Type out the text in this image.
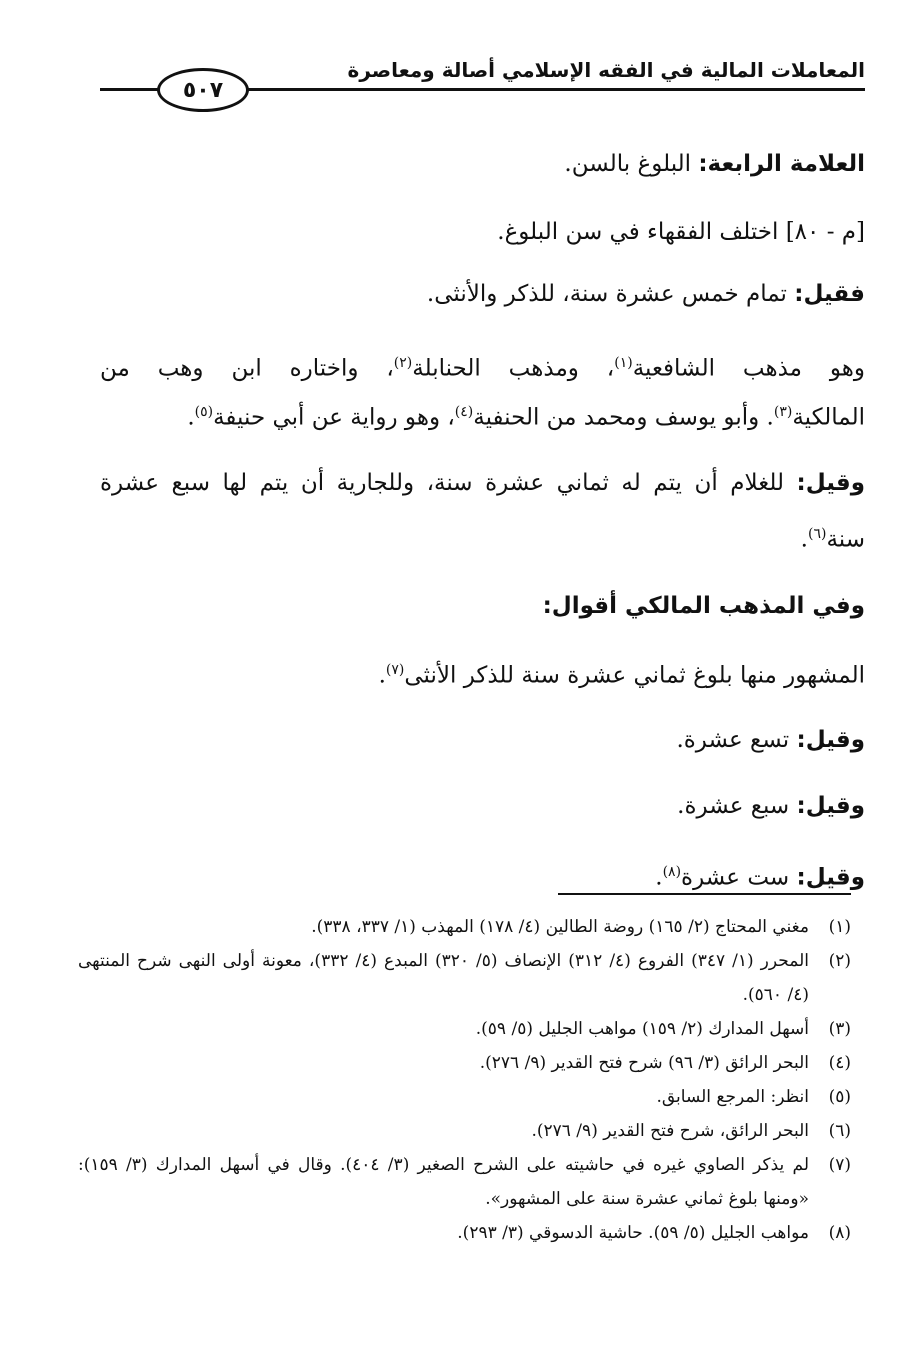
المعاملات المالية في الفقه الإسلامي أصالة ومعاصرة
٥٠٧
العلامة الرابعة: البلوغ بالسن.
[م - ٨٠] اختلف الفقهاء في سن البلوغ.
فقيل: تمام خمس عشرة سنة، للذكر والأنثى.
وهو مذهب الشافعية$^{(١)}$، ومذهب الحنابلة$^{(٢)}$، واختاره ابن وهب من
المالكية$^{(٣)}$. وأبو يوسف ومحمد من الحنفية$^{(٤)}$، وهو رواية عن أبي حنيفة$^{(٥)}$.
وقيل: للغلام أن يتم له ثماني عشرة سنة، وللجارية أن يتم لها سبع عشرة
سنة$^{(٦)}$.
وفي المذهب المالكي أقوال:
المشهور منها بلوغ ثماني عشرة سنة للذكر الأنثى$^{(٧)}$.
وقيل: تسع عشرة.
وقيل: سبع عشرة.
وقيل: ست عشرة$^{(٨)}$.
(١)
مغني المحتاج (٢/ ١٦٥) روضة الطالين (٤/ ١٧٨) المهذب (١/ ٣٣٧، ٣٣٨).
(٢)
المحرر (١/ ٣٤٧) الفروع (٤/ ٣١٢) الإنصاف (٥/ ٣٢٠) المبدع (٤/ ٣٣٢)، معونة أولى النهى شرح المنتهى (٤/ ٥٦٠).
(٣)
أسهل المدارك (٢/ ١٥٩) مواهب الجليل (٥/ ٥٩).
(٤)
البحر الرائق (٣/ ٩٦) شرح فتح القدير (٩/ ٢٧٦).
(٥)
انظر: المرجع السابق.
(٦)
البحر الرائق، شرح فتح القدير (٩/ ٢٧٦).
(٧)
لم يذكر الصاوي غيره في حاشيته على الشرح الصغير (٣/ ٤٠٤). وقال في أسهل المدارك (٣/ ١٥٩): «ومنها بلوغ ثماني عشرة سنة على المشهور».
(٨)
مواهب الجليل (٥/ ٥٩). حاشية الدسوقي (٣/ ٢٩٣).
